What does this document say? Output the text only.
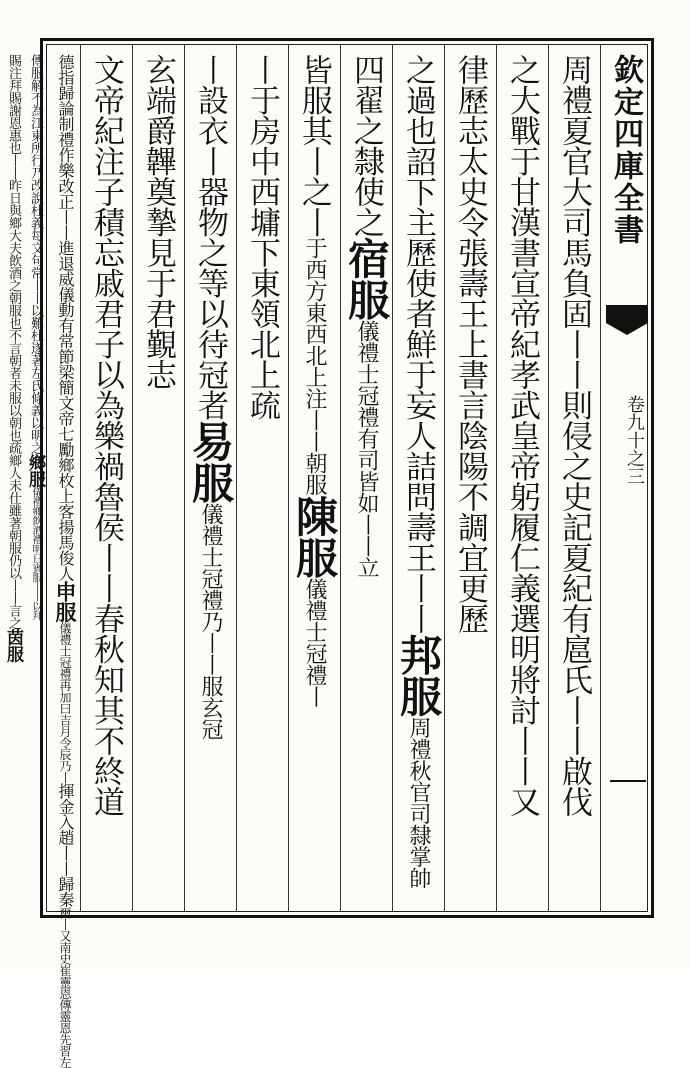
欽定四庫全書
卷九十之三
周禮夏官大司馬負固丨丨則侵之史記夏紀有扈氏丨丨啟伐
之大戰于甘漢書宣帝紀孝武皇帝躬履仁義選明將討丨丨又
律歷志太史令張壽王上書言陰陽不調宜更歷
之過也詔下主歷使者鮮于妄人詰問壽王丨丨邦服周禮秋官司隸掌帥
四翟之隸使之宿服儀禮士冠禮有司皆如丨丨立
皆服其丨之丨于西方東西北上注丨丨朝服陳服儀禮士冠禮丨
丨于房中西墉下東領北上疏
丨設衣丨器物之等以待冠者易服儀禮士冠禮乃丨丨服玄冠
玄端爵韠奠摯見于君覲志
文帝紀注子積忘戚君子以為樂禍魯侯丨丨春秋知其不終道
德指歸論制禮作樂改正丨丨進退威儀動有常節梁簡文帝七勵鄉枚上客揚馬俊人申服儀禮士冠禮再加曰吉月令辰乃丨揮金入趙丨丨歸秦爾丨又南史崔靈恩傳靈恩先習左
傳服解不為江東所行乃改說杜義每文句常丨丨以難杜遂著左氏條義以明之鄉服儀禮鄉飲酒禮明日賓服丨丨以拜
賜注拜賜謝恩惠也丨丨昨日與鄉大夫飲酒之朝服也不言朝者未服以朝也疏鄉人未仕雖著朝服仍以丨丨言之茵服
